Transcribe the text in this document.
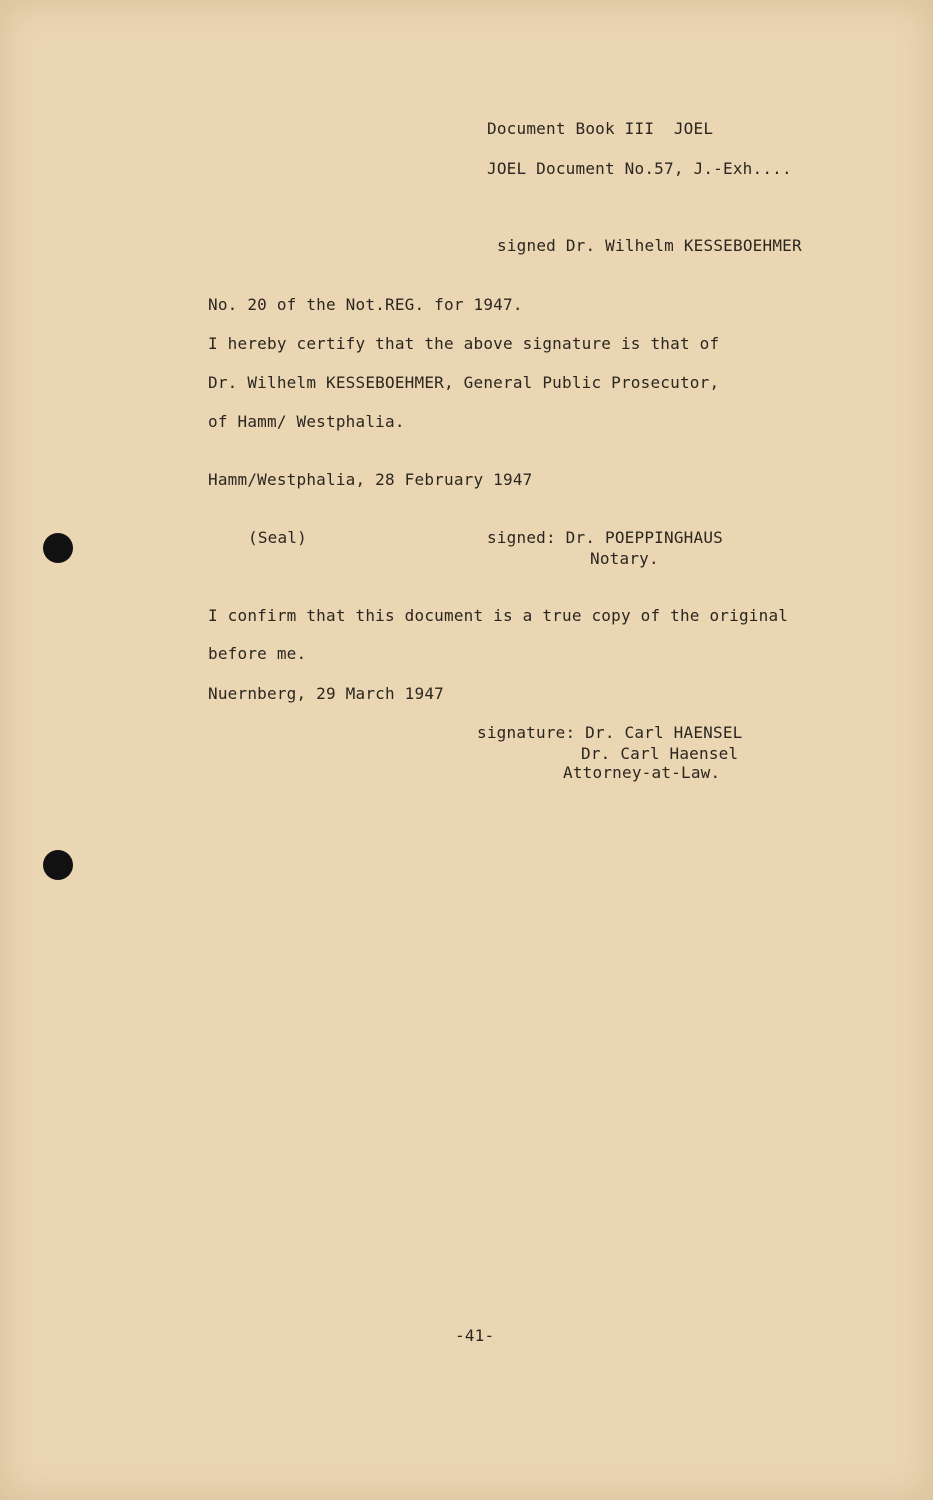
Document Book III  JOEL
JOEL Document No.57, J.-Exh....
signed Dr. Wilhelm KESSEBOEHMER
No. 20 of the Not.REG. for 1947.
I hereby certify that the above signature is that of
Dr. Wilhelm KESSEBOEHMER, General Public Prosecutor,
of Hamm/ Westphalia.
Hamm/Westphalia, 28 February 1947
(Seal)	signed: Dr. POEPPINGHAUS
Notary.
I confirm that this document is a true copy of the original
before me.
Nuernberg, 29 March 1947
signature: Dr. Carl HAENSEL
Dr. Carl Haensel
Attorney-at-Law.
-41-
